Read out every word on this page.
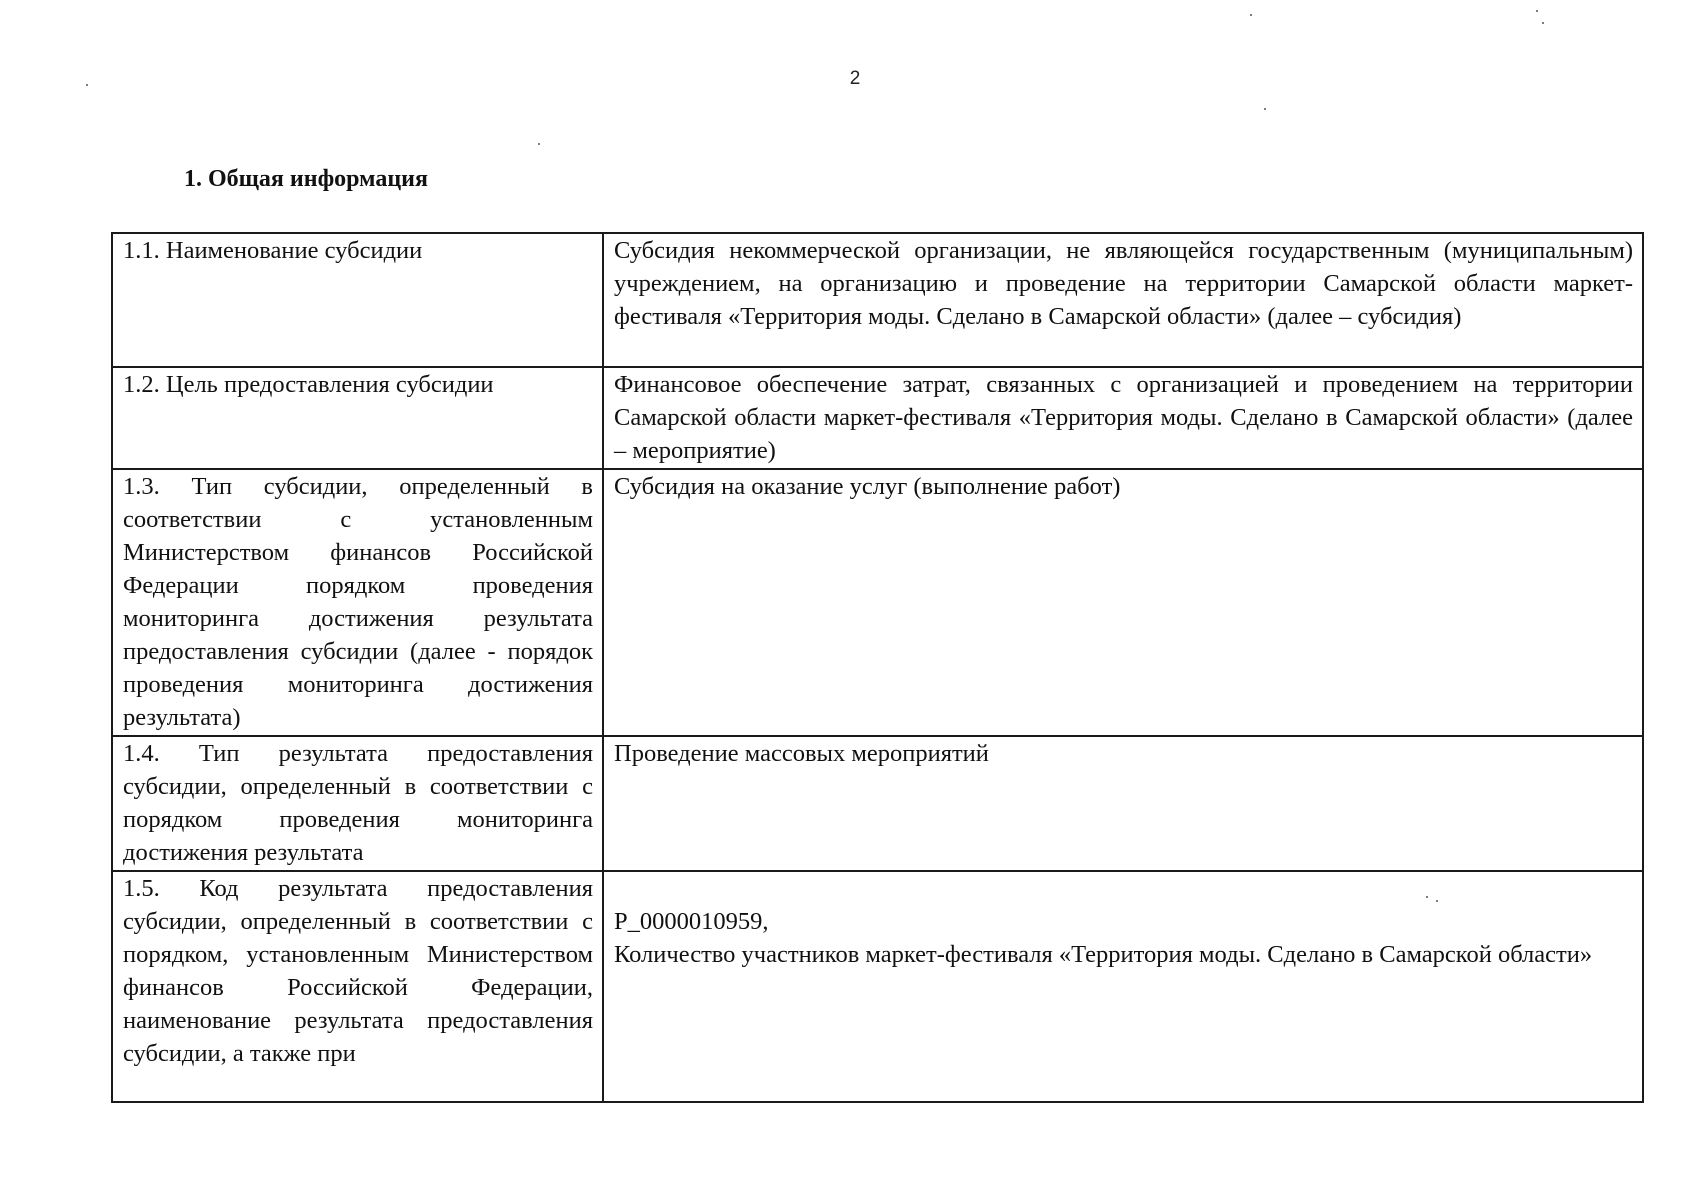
2
1. Общая информация
1.1. Наименование субсидии	Субсидия некоммерческой организации, не являющейся государственным (муниципальным) учреждением, на организацию и проведение на территории Самарской области маркет-фестиваля «Территория моды. Сделано в Самарской области» (далее – субсидия)
1.2. Цель предоставления субсидии	Финансовое обеспечение затрат, связанных с организацией и проведением на территории Самарской области маркет-фестиваля «Территория моды. Сделано в Самарской области» (далее – мероприятие)
1.3. Тип субсидии, определенный в соответствии с установленным Министерством финансов Российской Федерации порядком проведения мониторинга достижения результата предоставления субсидии (далее - порядок проведения мониторинга достижения результата)	Субсидия на оказание услуг (выполнение работ)
1.4. Тип результата предоставления субсидии, определенный в соответствии с порядком проведения мониторинга достижения результата	Проведение массовых мероприятий
1.5. Код результата предоставления субсидии, определенный в соответствии с порядком, установленным Министерством финансов Российской Федерации, наименование результата предоставления субсидии, а также при	P_0000010959,
Количество участников маркет-фестиваля «Территория моды. Сделано в Самарской области»
